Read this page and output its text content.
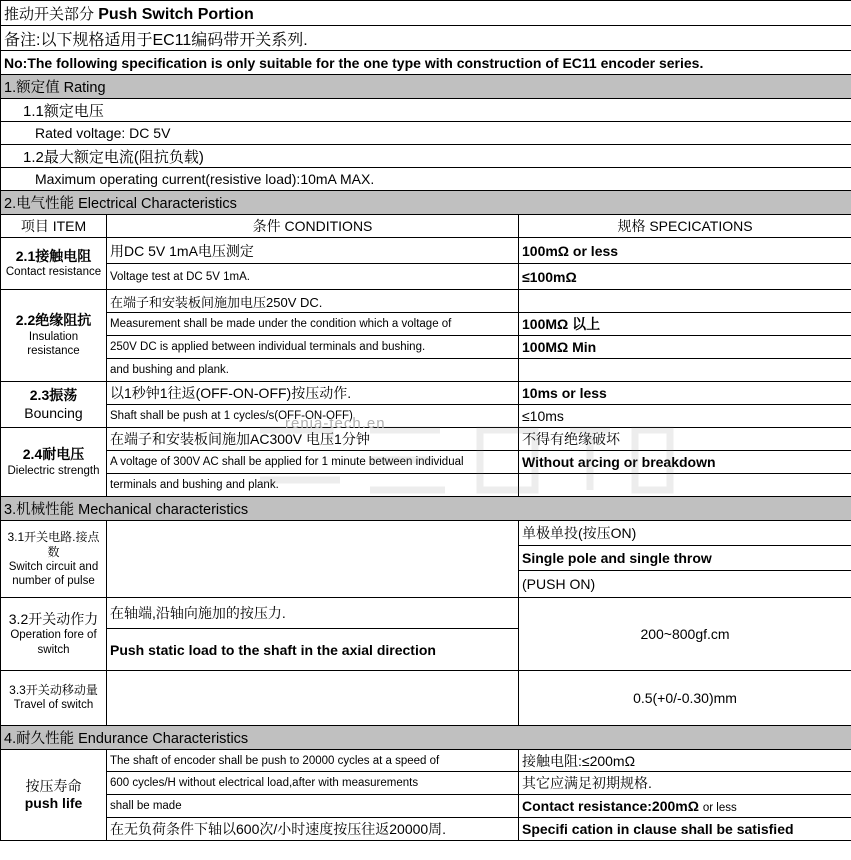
推动开关部分 Push Switch Portion		
备注:以下规格适用于EC11编码带开关系列.		
No:The following specification is only suitable for the one type with construction of EC11 encoder series.		
1.额定值 Rating		
1.1额定电压		
Rated voltage: DC 5V		
1.2最大额定电流(阻抗负载)		
Maximum operating current(resistive load):10mA MAX.		
2.电气性能 Electrical Characteristics		
项目 ITEM	条件 CONDITIONS	规格 SPECICATIONS

2.1接触电阻
Contact resistance	用DC 5V 1mA电压测定	100mΩ or less
	Voltage test at DC 5V 1mA.	≤100mΩ

2.2绝缘阻抗
Insulation resistance	在端子和安装板间施加电压250V DC.	
	Measurement shall be made under the condition which a voltage of	100MΩ 以上
	250V DC is applied between individual terminals and bushing.	100MΩ Min
	and bushing and plank.	

2.3振荡
Bouncing	以1秒钟1往返(OFF-ON-OFF)按压动作.	10ms or less
	Shaft shall be push at 1 cycles/s(OFF-ON-OFF)	≤10ms

2.4耐电压
Dielectric strength	在端子和安装板间施加AC300V 电压1分钟	不得有绝缘破坏
	A voltage of 300V AC shall be applied for 1 minute between individual	Without arcing or breakdown
	terminals and bushing and plank.	
3.机械性能 Mechanical characteristics		

3.1开关电路.接点数
Switch circuit and number of pulse		单极单投(按压ON)
		Single pole and single throw
		(PUSH ON)

3.2开关动作力
Operation fore of switch	在轴端,沿轴向施加的按压力.	200~800gf.cm
	Push static load to the shaft in the axial direction	

3.3开关动移动量
Travel of switch		0.5(+0/-0.30)mm
4.耐久性能 Endurance Characteristics		

按压寿命
push life	The shaft of encoder shall be push to 20000 cycles at a speed of	接触电阻:≤200mΩ
	600 cycles/H without electrical load,after with measurements	其它应满足初期规格.
	shall be made	Contact resistance:200mΩ or less
	在无负荷条件下轴以600次/小时速度按压往返20000周.	Specifi cation in clause shall be satisfied
renia-tech.en
